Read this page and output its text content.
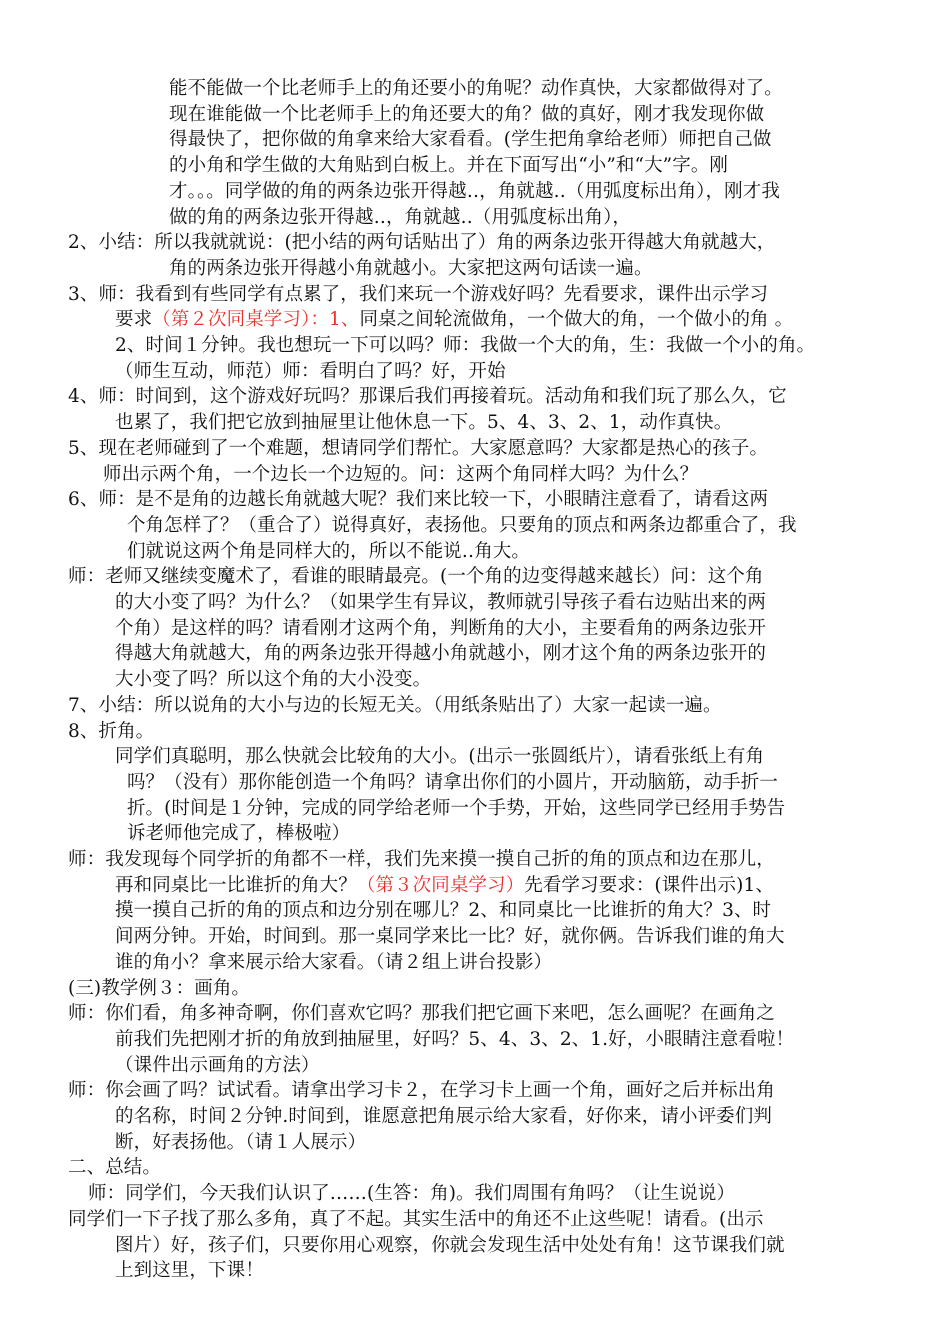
能不能做一个比老师手上的角还要小的角呢？动作真快，大家都做得对了。

现在谁能做一个比老师手上的角还要大的角？做的真好，刚才我发现你做

得最快了，把你做的角拿来给大家看看。(学生把角拿给老师）师把自己做

的小角和学生做的大角贴到白板上。并在下面写出“小”和“大”字。刚

才。。。同学做的角的两条边张开得越‥，角就越‥（用弧度标出角），刚才我

做的角的两条边张开得越‥，角就越‥（用弧度标出角），

2、小结：所以我就就说：(把小结的两句话贴出了）角的两条边张开得越大角就越大，

角的两条边张开得越小角就越小。大家把这两句话读一遍。

3、师：我看到有些同学有点累了，我们来玩一个游戏好吗？先看要求，课件出示学习

要求（第２次同桌学习）：1、同桌之间轮流做角，一个做大的角，一个做小的角 。

2、时间１分钟。我也想玩一下可以吗？师：我做一个大的角，生：我做一个小的角。

（师生互动，师范）师：看明白了吗？好，开始

4、师：时间到，这个游戏好玩吗？那课后我们再接着玩。活动角和我们玩了那么久，它

也累了，我们把它放到抽屉里让他休息一下。5、4、3、2、1，动作真快。

5、现在老师碰到了一个难题，想请同学们帮忙。大家愿意吗？大家都是热心的孩子。

师出示两个角，一个边长一个边短的。问：这两个角同样大吗？为什么？

6、师：是不是角的边越长角就越大呢？我们来比较一下，小眼睛注意看了，请看这两

个角怎样了？（重合了）说得真好，表扬他。只要角的顶点和两条边都重合了，我

们就说这两个角是同样大的，所以不能说‥角大。

师：老师又继续变魔术了，看谁的眼睛最亮。(一个角的边变得越来越长）问：这个角

的大小变了吗？为什么？（如果学生有异议，教师就引导孩子看右边贴出来的两

个角）是这样的吗？请看刚才这两个角，判断角的大小，主要看角的两条边张开

得越大角就越大，角的两条边张开得越小角就越小，刚才这个角的两条边张开的

大小变了吗？所以这个角的大小没变。

7、小结：所以说角的大小与边的长短无关。（用纸条贴出了）大家一起读一遍。

8、折角。

同学们真聪明，那么快就会比较角的大小。(出示一张圆纸片），请看张纸上有角

吗？（没有）那你能创造一个角吗？请拿出你们的小圆片，开动脑筋，动手折一

折。(时间是１分钟，完成的同学给老师一个手势，开始，这些同学已经用手势告

诉老师他完成了，棒极啦）

师：我发现每个同学折的角都不一样，我们先来摸一摸自己折的角的顶点和边在那儿，

再和同桌比一比谁折的角大？（第３次同桌学习）先看学习要求：(课件出示)1、

摸一摸自己折的角的顶点和边分别在哪儿？2、和同桌比一比谁折的角大？3、时

间两分钟。开始，时间到。那一桌同学来比一比？好，就你俩。告诉我们谁的角大

谁的角小？拿来展示给大家看。（请２组上讲台投影）

(三)教学例３：画角。

师：你们看，角多神奇啊，你们喜欢它吗？那我们把它画下来吧，怎么画呢？在画角之

前我们先把刚才折的角放到抽屉里，好吗？5、4、3、2、1.好，小眼睛注意看啦！

（课件出示画角的方法）

师：你会画了吗？试试看。请拿出学习卡２，在学习卡上画一个角，画好之后并标出角

的名称，时间２分钟.时间到，谁愿意把角展示给大家看，好你来，请小评委们判

断，好表扬他。（请１人展示）

二、总结。

师：同学们，今天我们认识了……(生答：角)。我们周围有角吗？（让生说说）

同学们一下子找了那么多角，真了不起。其实生活中的角还不止这些呢！请看。(出示

图片）好，孩子们，只要你用心观察，你就会发现生活中处处有角！这节课我们就

上到这里，下课！
